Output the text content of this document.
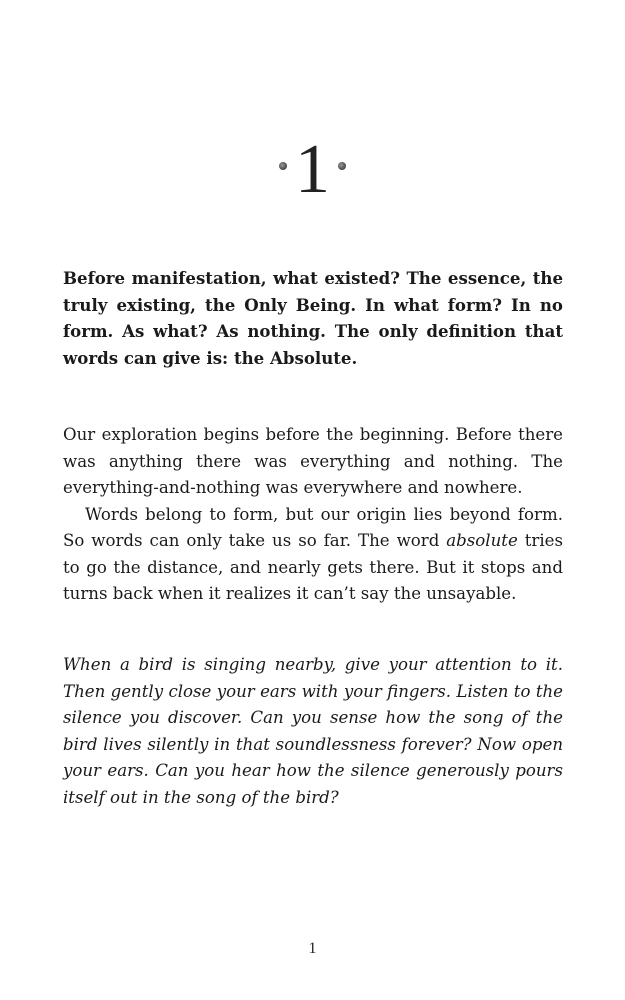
1

Before manifestation, what existed? The essence, the truly existing, the Only Being. In what form? In no form. As what? As nothing. The only definition that words can give is: the Absolute.

Our exploration begins before the beginning. Before there was anything there was everything and nothing. The everything-and-nothing was everywhere and nowhere.

Words belong to form, but our origin lies beyond form. So words can only take us so far. The word absolute tries to go the distance, and nearly gets there. But it stops and turns back when it realizes it can’t say the unsayable.

When a bird is singing nearby, give your attention to it. Then gently close your ears with your fingers. Listen to the silence you discover. Can you sense how the song of the bird lives silently in that soundlessness forever? Now open your ears. Can you hear how the silence generously pours itself out in the song of the bird?

1
